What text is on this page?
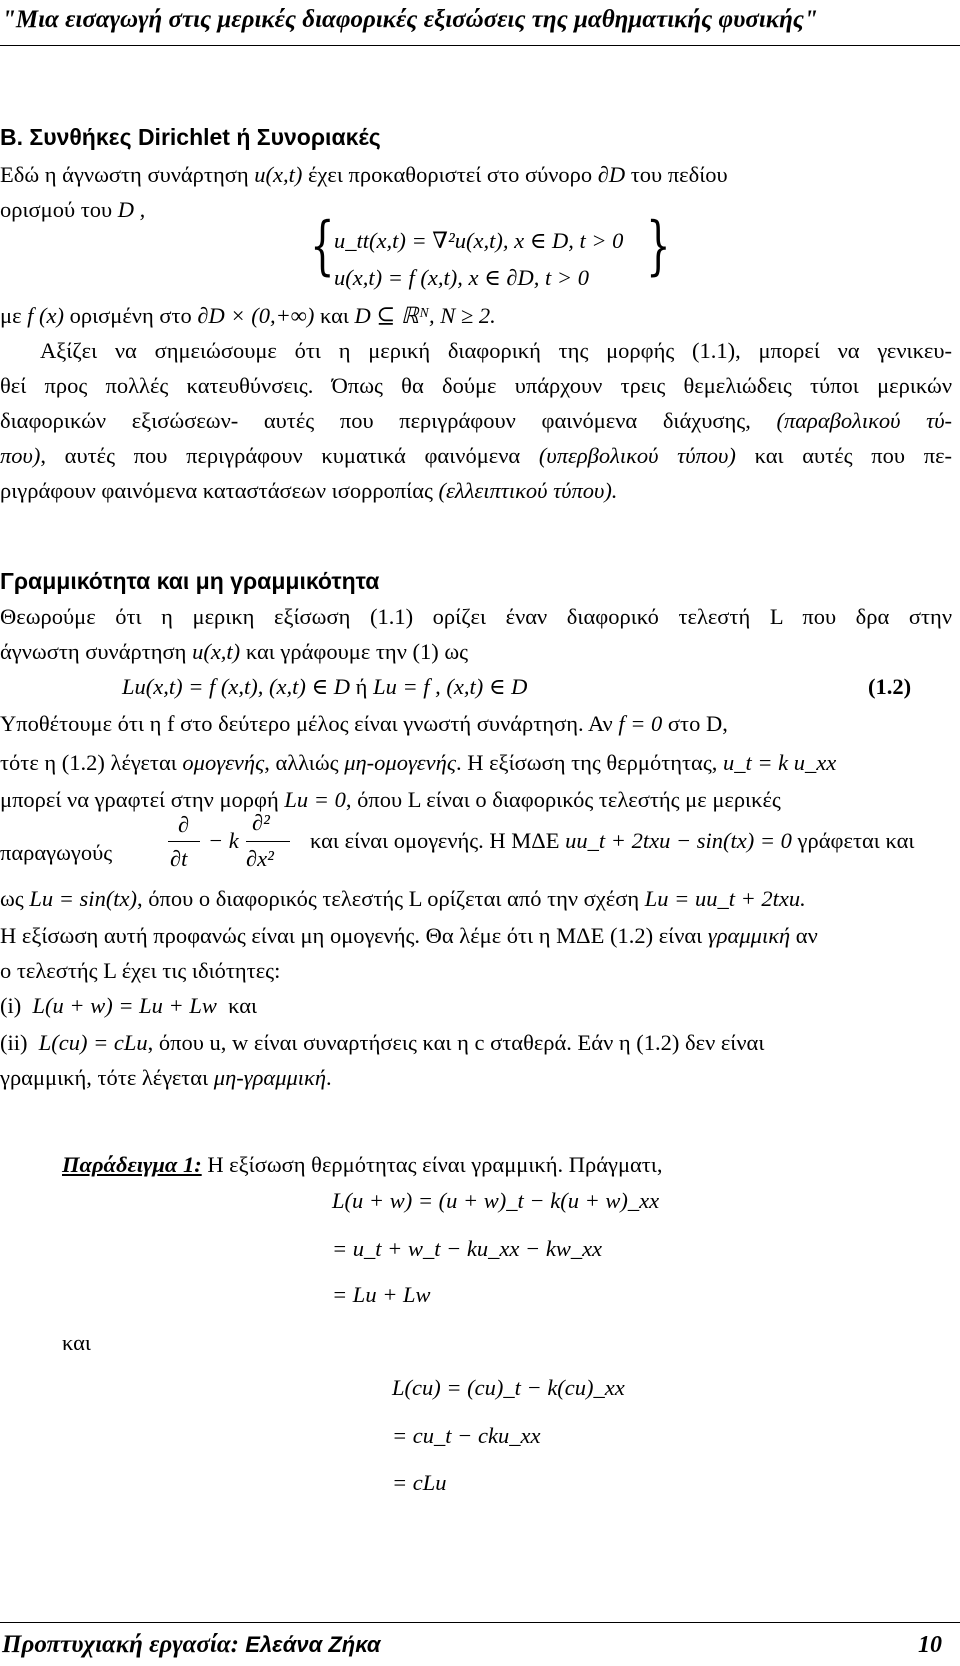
"Μια εισαγωγή στις μερικές διαφορικές εξισώσεις της μαθηματικής φυσικής"
Β. Συνθήκες Dirichlet ή Συνοριακές
Εδώ η άγνωστη συνάρτηση u(x,t) έχει προκαθοριστεί στο σύνορο ∂D του πεδίου
ορισμού του D ,	{ u_tt(x,t) = ∇²u(x,t), x ∈ D, t > 0
u(x,t) = f (x,t), x ∈ ∂D, t > 0 }
με f (x) ορισμένη στο ∂D × (0,+∞) και D ⊆ ℝᴺ, N ≥ 2.
Αξίζει να σημειώσουμε ότι η μερική διαφορική της μορφής (1.1), μπορεί να γενικευ-
θεί προς πολλές κατευθύνσεις. Όπως θα δούμε υπάρχουν τρεις θεμελιώδεις τύποι μερικών
διαφορικών εξισώσεων- αυτές που περιγράφουν φαινόμενα διάχυσης, (παραβολικού τύ-
που), αυτές που περιγράφουν κυματικά φαινόμενα (υπερβολικού τύπου) και αυτές που πε-
ριγράφουν φαινόμενα καταστάσεων ισορροπίας (ελλειπτικού τύπου).
Γραμμικότητα και μη γραμμικότητα
Θεωρούμε ότι η μερικη εξίσωση (1.1) ορίζει έναν διαφορικό τελεστή L που δρα στην
άγνωστη συνάρτηση u(x,t) και γράφουμε την (1) ως
Lu(x,t) = f (x,t), (x,t) ∈ D ή Lu = f , (x,t) ∈ D	(1.2)
Υποθέτουμε ότι η f στο δεύτερο μέλος είναι γνωστή συνάρτηση. Αν f = 0 στο D,
τότε η (1.2) λέγεται ομογενής, αλλιώς μη-ομογενής. Η εξίσωση της θερμότητας, u_t = k u_xx
μπορεί να γραφτεί στην μορφή Lu = 0, όπου L είναι ο διαφορικός τελεστής με μερικές
παραγωγούς
∂
∂t
− k
∂²
∂x²
και είναι ομογενής. Η ΜΔΕ uu_t + 2txu − sin(tx) = 0 γράφεται και
ως Lu = sin(tx), όπου ο διαφορικός τελεστής L ορίζεται από την σχέση Lu = uu_t + 2txu.
Η εξίσωση αυτή προφανώς είναι μη ομογενής. Θα λέμε ότι η ΜΔΕ (1.2) είναι γραμμική αν
ο τελεστής L έχει τις ιδιότητες:
(i) L(u + w) = Lu + Lw και
(ii) L(cu) = cLu, όπου u, w είναι συναρτήσεις και η c σταθερά. Εάν η (1.2) δεν είναι
γραμμική, τότε λέγεται μη-γραμμική.
Παράδειγμα 1: Η εξίσωση θερμότητας είναι γραμμική. Πράγματι,
L(u + w) = (u + w)_t − k(u + w)_xx
= u_t + w_t − ku_xx − kw_xx
= Lu + Lw
και
L(cu) = (cu)_t − k(cu)_xx
= cu_t − cku_xx
= cLu
Προπτυχιακή εργασία: Ελεάνα Ζήκα	10
